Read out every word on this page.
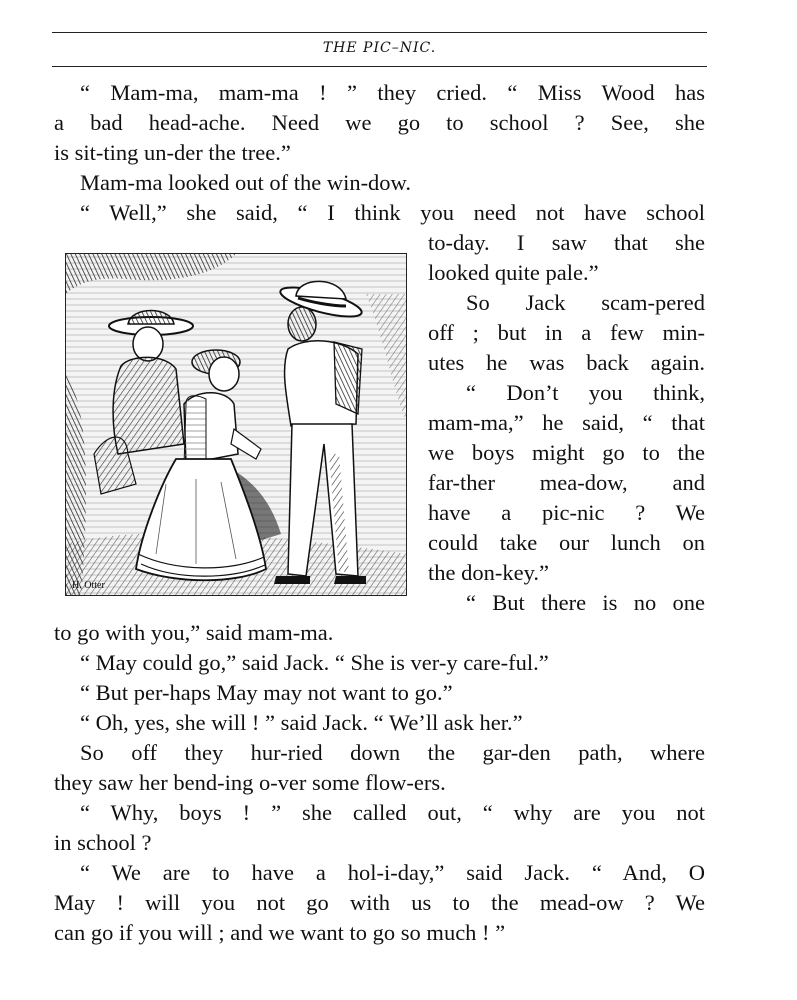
THE PIC–NIC.
“ Mam-ma, mam-ma ! ” they cried. “ Miss Wood has
a bad head-ache. Need we go to school ? See, she
is sit-ting un-der the tree.”
Mam-ma looked out of the win-dow.
“ Well,” she said, “ I think you need not have school
to-day. I saw that she
looked quite pale.”
So Jack scam-pered
off ; but in a few min-
utes he was back again.
“ Don’t you think,
mam-ma,” he said, “ that
we boys might go to the
far-ther mea-dow, and
have a pic-nic ? We
could take our lunch on
the don-key.”
“ But there is no one
to go with you,” said mam-ma.
“ May could go,” said Jack. “ She is ver-y care-ful.”
“ But per-haps May may not want to go.”
“ Oh, yes, she will ! ” said Jack. “ We’ll ask her.”
So off they hur-ried down the gar-den path, where
they saw her bend-ing o-ver some flow-ers.
“ Why, boys ! ” she called out, “ why are you not
in school ?
“ We are to have a hol-i-day,” said Jack. “ And, O
May ! will you not go with us to the mead-ow ? We
can go if you will ; and we want to go so much ! ”
H. Otter
